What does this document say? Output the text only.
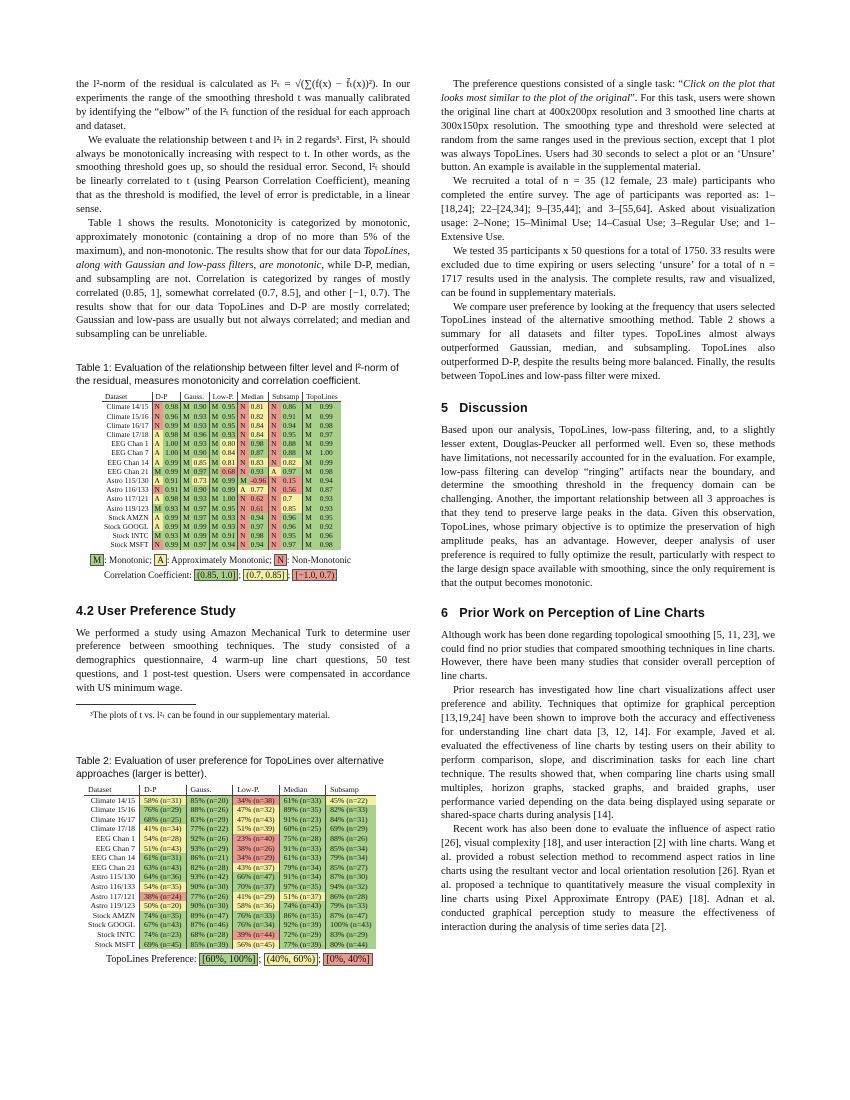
the l²-norm of the residual is calculated as l²ₜ = √(∑(f(x) − f̄ₜ(x))²). In our experiments the range of the smoothing threshold t was manually calibrated by identifying the “elbow” of the l²ₜ function of the residual for each approach and dataset.

We evaluate the relationship between t and l²ₜ in 2 regards³. First, l²ₜ should always be monotonically increasing with respect to t. In other words, as the smoothing threshold goes up, so should the residual error. Second, l²ₜ should be linearly correlated to t (using Pearson Correlation Coefficient), meaning that as the threshold is modified, the level of error is predictable, in a linear sense.

Table 1 shows the results. Monotonicity is categorized by monotonic, approximately monotonic (containing a drop of no more than 5% of the maximum), and non-monotonic. The results show that for our data TopoLines, along with Gaussian and low-pass filters, are monotonic, while D-P, median, and subsampling are not. Correlation is categorized by ranges of mostly correlated (0.85, 1], somewhat correlated (0.7, 8.5], and other [−1, 0.7). The results show that for our data TopoLines and D-P are mostly correlated; Gaussian and low-pass are usually but not always correlated; and median and subsampling can be unreliable.

Table 1: Evaluation of the relationship between filter level and l²-norm of the residual, measures monotonicity and correlation coefficient.
Dataset	D-P		Gauss.		Low-P.		Median		Subsamp		TopoLines	
Climate 14/15	N	0.98	M	0.90	M	0.95	N	0.81	N	0.86	M	0.99
Climate 15/16	N	0.96	M	0.93	M	0.95	N	0.82	N	0.91	M	0.99
Climate 16/17	N	0.99	M	0.93	M	0.95	N	0.84	N	0.94	M	0.98
Climate 17/18	A	0.98	M	0.96	M	0.93	N	0.84	N	0.95	M	0.97
EEG Chan 1	A	1.00	M	0.93	M	0.80	N	0.98	N	0.88	M	0.99
EEG Chan 7	A	1.00	M	0.90	M	0.84	N	0.87	N	0.88	M	1.00
EEG Chan 14	A	0.99	M	0.85	M	0.81	N	0.83	N	0.82	M	0.99
EEG Chan 21	M	0.99	M	0.97	M	0.68	N	0.93	A	0.97	M	0.98
Astro 115/130	A	0.91	M	0.73	M	0.99	M	-0.96	N	0.15	M	0.94
Astro 116/133	N	0.91	M	0.90	M	0.99	A	0.77	N	0.56	M	0.87
Astro 117/121	A	0.98	M	0.93	M	1.00	N	0.62	N	0.7	M	0.93
Astro 119/123	M	0.93	M	0.97	M	0.95	N	0.61	N	0.85	M	0.93
Stock AMZN	A	0.99	M	0.97	M	0.93	N	0.94	N	0.96	M	0.95
Stock GOOGL	A	0.99	M	0.99	M	0.93	N	0.97	N	0.96	M	0.92
Stock INTC	M	0.93	M	0.99	M	0.91	N	0.98	N	0.95	M	0.96
Stock MSFT	N	0.99	M	0.97	M	0.94	N	0.94	N	0.97	M	0.98
M : Monotonic; A : Approximately Monotonic; N : Non-Monotonic
Correlation Coefficient: (0.85, 1.0] ; (0.7, 0.85] ; [−1.0, 0.7)
4.2 User Preference Study

We performed a study using Amazon Mechanical Turk to determine user preference between smoothing techniques. The study consisted of a demographics questionnaire, 4 warm-up line chart questions, 50 test questions, and 1 post-test question. Users were compensated in accordance with US minimum wage.

³The plots of t vs. l²ₜ can be found in our supplementary material.
Table 2: Evaluation of user preference for TopoLines over alternative approaches (larger is better).
Dataset	D-P	Gauss.	Low-P.	Median	Subsamp
Climate 14/15	58% (n=31)	85% (n=20)	34% (n=38)	61% (n=33)	45% (n=22)
Climate 15/16	76% (n=29)	88% (n=26)	47% (n=32)	89% (n=35)	82% (n=33)
Climate 16/17	68% (n=25)	83% (n=29)	47% (n=43)	91% (n=23)	84% (n=31)
Climate 17/18	41% (n=34)	77% (n=22)	51% (n=39)	60% (n=25)	69% (n=29)
EEG Chan 1	54% (n=28)	92% (n=26)	23% (n=40)	75% (n=28)	88% (n=26)
EEG Chan 7	51% (n=43)	93% (n=29)	38% (n=26)	91% (n=33)	85% (n=34)
EEG Chan 14	61% (n=31)	86% (n=21)	34% (n=29)	61% (n=33)	79% (n=34)
EEG Chan 21	63% (n=43)	82% (n=28)	43% (n=37)	79% (n=34)	85% (n=27)
Astro 115/130	64% (n=36)	93% (n=42)	66% (n=47)	91% (n=34)	87% (n=30)
Astro 116/133	54% (n=35)	90% (n=30)	70% (n=37)	97% (n=35)	94% (n=32)
Astro 117/121	38% (n=24)	77% (n=26)	41% (n=29)	51% (n=37)	86% (n=28)
Astro 119/123	50% (n=20)	90% (n=30)	58% (n=36)	74% (n=43)	79% (n=33)
Stock AMZN	74% (n=35)	89% (n=47)	76% (n=33)	86% (n=35)	87% (n=47)
Stock GOOGL	67% (n=43)	87% (n=46)	76% (n=34)	92% (n=39)	100% (n=43)
Stock INTC	74% (n=23)	68% (n=28)	39% (n=44)	72% (n=29)	83% (n=29)
Stock MSFT	69% (n=45)	85% (n=39)	56% (n=45)	77% (n=39)	80% (n=44)
TopoLines Preference: [60%, 100%] ; (40%, 60%) ; [0%, 40%]

The preference questions consisted of a single task: “Click on the plot that looks most similar to the plot of the original”. For this task, users were shown the original line chart at 400x200px resolution and 3 smoothed line charts at 300x150px resolution. The smoothing type and threshold were selected at random from the same ranges used in the previous section, except that 1 plot was always TopoLines. Users had 30 seconds to select a plot or an ‘Unsure’ button. An example is available in the supplemental material.

We recruited a total of n = 35 (12 female, 23 male) participants who completed the entire survey. The age of participants was reported as: 1–[18,24]; 22–[24,34]; 9–[35,44]; and 3–[55,64]. Asked about visualization usage: 2–None; 15–Minimal Use; 14–Casual Use; 3–Regular Use; and 1–Extensive Use.

We tested 35 participants x 50 questions for a total of 1750. 33 results were excluded due to time expiring or users selecting ‘unsure’ for a total of n = 1717 results used in the analysis. The complete results, raw and visualized, can be found in supplementary materials.

We compare user preference by looking at the frequency that users selected TopoLines instead of the alternative smoothing method. Table 2 shows a summary for all datasets and filter types. TopoLines almost always outperformed Gaussian, median, and subsampling. TopoLines also outperformed D-P, despite the results being more balanced. Finally, the results between TopoLines and low-pass filter were mixed.

5 Discussion

Based upon our analysis, TopoLines, low-pass filtering, and, to a slightly lesser extent, Douglas-Peucker all performed well. Even so, these methods have limitations, not necessarily accounted for in the evaluation. For example, low-pass filtering can develop “ringing” artifacts near the boundary, and determine the smoothing threshold in the frequency domain can be challenging. Another, the important relationship between all 3 approaches is that they tend to preserve large peaks in the data. Given this observation, TopoLines, whose primary objective is to optimize the preservation of high amplitude peaks, has an advantage. However, deeper analysis of user preference is required to fully optimize the result, particularly with respect to the large design space available with smoothing, since the only requirement is that the output becomes monotonic.

6 Prior Work on Perception of Line Charts

Although work has been done regarding topological smoothing [5, 11, 23], we could find no prior studies that compared smoothing techniques in line charts. However, there have been many studies that consider overall perception of line charts.

Prior research has investigated how line chart visualizations affect user preference and ability. Techniques that optimize for graphical perception [13,19,24] have been shown to improve both the accuracy and effectiveness for understanding line chart data [3, 12, 14]. For example, Javed et al. evaluated the effectiveness of line charts by testing users on their ability to perform comparison, slope, and discrimination tasks for each line chart technique. The results showed that, when comparing line charts using small multiples, horizon graphs, stacked graphs, and braided graphs, user performance varied depending on the data being displayed using separate or shared-space charts during analysis [14].

Recent work has also been done to evaluate the influence of aspect ratio [26], visual complexity [18], and user interaction [2] with line charts. Wang et al. provided a robust selection method to recommend aspect ratios in line charts using the resultant vector and local orientation resolution [26]. Ryan et al. proposed a technique to quantitatively measure the visual complexity in line charts using Pixel Approximate Entropy (PAE) [18]. Adnan et al. conducted graphical perception study to measure the effectiveness of interaction during the analysis of time series data [2].
